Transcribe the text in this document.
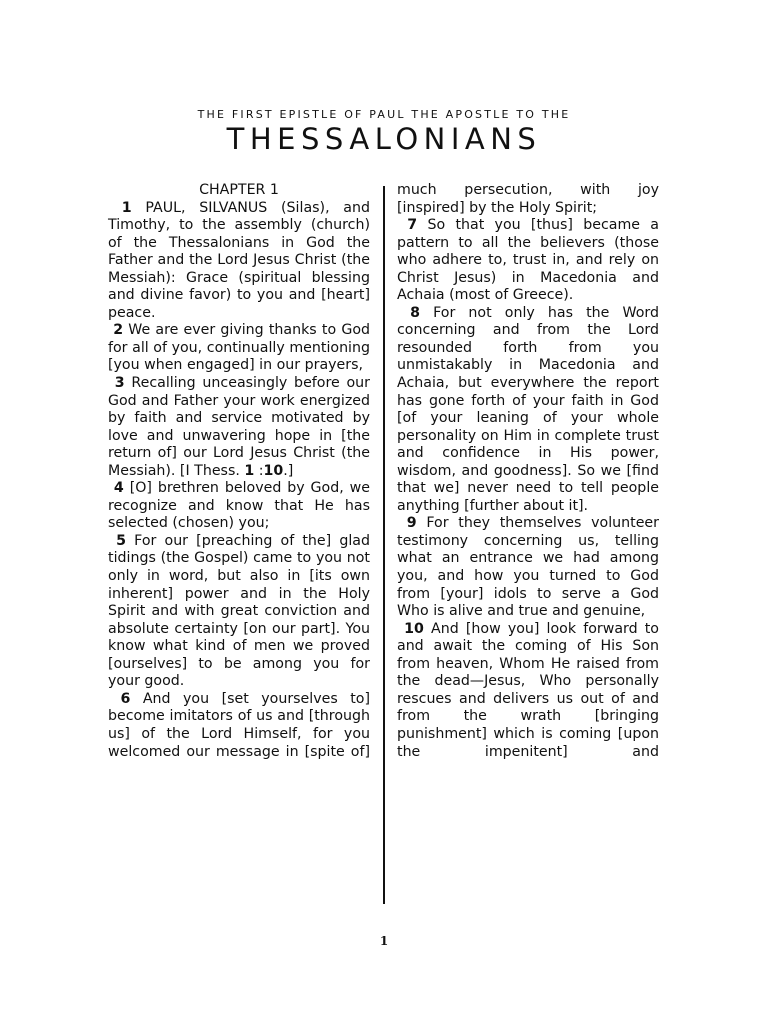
THE FIRST EPISTLE OF PAUL THE APOSTLE TO THE
THESSALONIANS

CHAPTER 1

1 PAUL, SILVANUS (Silas), and Timothy, to the assembly (church) of the Thessalonians in God the Father and the Lord Jesus Christ (the Messiah): Grace (spiritual blessing and divine favor) to you and [heart] peace.

2 We are ever giving thanks to God for all of you, continually mentioning [you when engaged] in our prayers,

3 Recalling unceasingly before our God and Father your work energized by faith and service motivated by love and unwavering hope in [the return of] our Lord Jesus Christ (the Messiah). [I Thess. 1 :10.]

4 [O] brethren beloved by God, we recognize and know that He has selected (chosen) you;

5 For our [preaching of the] glad tidings (the Gospel) came to you not only in word, but also in [its own inherent] power and in the Holy Spirit and with great conviction and absolute certainty [on our part]. You know what kind of men we proved [ourselves] to be among you for your good.

6 And you [set yourselves to] become imitators of us and [through us] of the Lord Himself, for you welcomed our message in [spite of]

much persecution, with joy [inspired] by the Holy Spirit;

7 So that you [thus] became a pattern to all the believers (those who adhere to, trust in, and rely on Christ Jesus) in Macedonia and Achaia (most of Greece).

8 For not only has the Word concerning and from the Lord resounded forth from you unmistakably in Macedonia and Achaia, but everywhere the report has gone forth of your faith in God [of your leaning of your whole personality on Him in complete trust and confidence in His power, wisdom, and goodness]. So we [find that we] never need to tell people anything [further about it].

9 For they themselves volunteer testimony concerning us, telling what an entrance we had among you, and how you turned to God from [your] idols to serve a God Who is alive and true and genuine,

10 And [how you] look forward to and await the coming of His Son from heaven, Whom He raised from the dead—Jesus, Who personally rescues and delivers us out of and from the wrath [bringing punishment] which is coming [upon the impenitent] and

1
